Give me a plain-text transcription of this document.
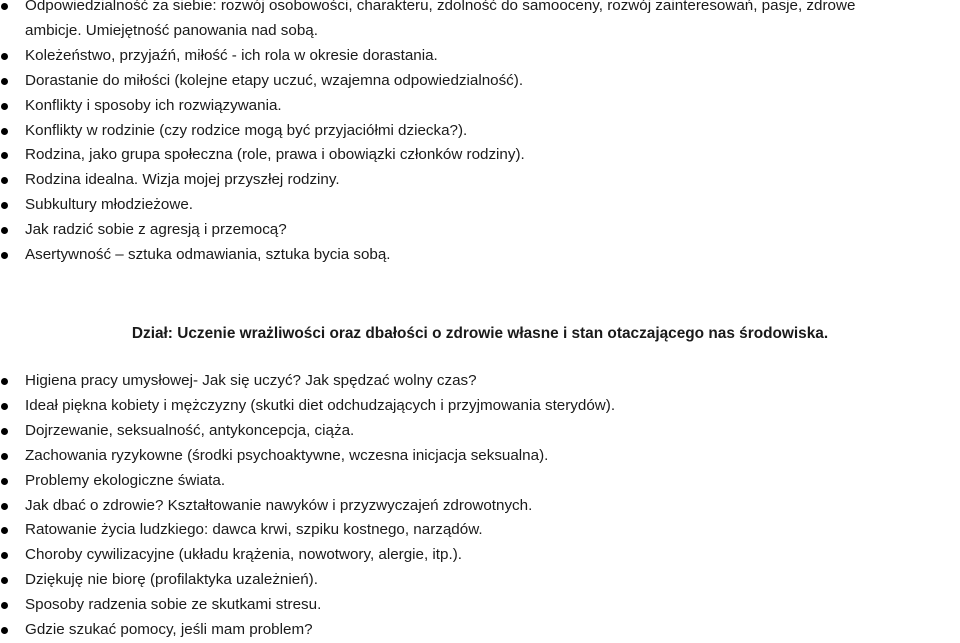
Odpowiedzialność za siebie: rozwój osobowości, charakteru, zdolność do samooceny, rozwój zainteresowań, pasje, zdrowe
ambicje. Umiejętność panowania nad sobą.
Koleżeństwo, przyjaźń, miłość - ich rola w okresie dorastania.
Dorastanie do miłości (kolejne etapy uczuć, wzajemna odpowiedzialność).
Konflikty i sposoby ich rozwiązywania.
Konflikty w rodzinie (czy rodzice mogą być przyjaciółmi dziecka?).
Rodzina, jako grupa społeczna (role, prawa i obowiązki członków rodziny).
Rodzina idealna. Wizja mojej przyszłej rodziny.
Subkultury młodzieżowe.
Jak radzić sobie z agresją i przemocą?
Asertywność – sztuka odmawiania, sztuka bycia sobą.
Dział: Uczenie wrażliwości oraz dbałości o zdrowie własne i stan otaczającego nas środowiska.
Higiena pracy umysłowej- Jak się uczyć? Jak spędzać wolny czas?
Ideał piękna kobiety i mężczyzny (skutki diet odchudzających i przyjmowania sterydów).
Dojrzewanie, seksualność, antykoncepcja, ciąża.
Zachowania ryzykowne (środki psychoaktywne, wczesna inicjacja seksualna).
Problemy ekologiczne świata.
Jak dbać o zdrowie? Kształtowanie nawyków i przyzwyczajeń zdrowotnych.
Ratowanie życia ludzkiego: dawca krwi, szpiku kostnego, narządów.
Choroby cywilizacyjne (układu krążenia, nowotwory, alergie, itp.).
Dziękuję nie biorę (profilaktyka uzależnień).
Sposoby radzenia sobie ze skutkami stresu.
Gdzie szukać pomocy, jeśli mam problem?
